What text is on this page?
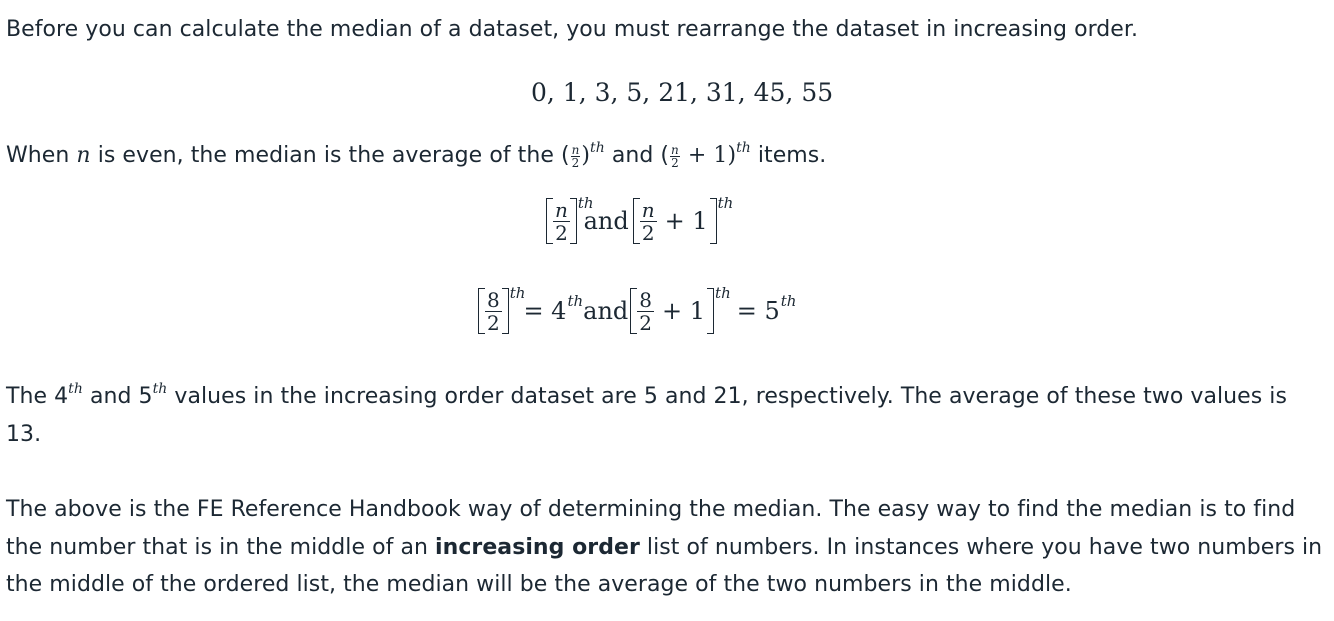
Before you can calculate the median of a dataset, you must rearrange the dataset in increasing order.
0, 1, 3, 5, 21, 31, 45, 55
When n is even, the median is the average of the ( $\frac{n}{2} )^{th}$ and ( $\frac{n}{2} + 1)^{th}$ items.
$\frac{n}{2}$ th
and $\frac{n}{2} + 1$
th
$\frac{8}{2}$ th
= 4 th and $\frac{8}{2} + 1$
th
= 5 th
The 4th and 5th values in the increasing order dataset are 5 and 21, respectively. The average of these two values is
13.
The above is the FE Reference Handbook way of determining the median. The easy way to find the median is to find
the number that is in the middle of an increasing order list of numbers. In instances where you have two numbers in
the middle of the ordered list, the median will be the average of the two numbers in the middle.
